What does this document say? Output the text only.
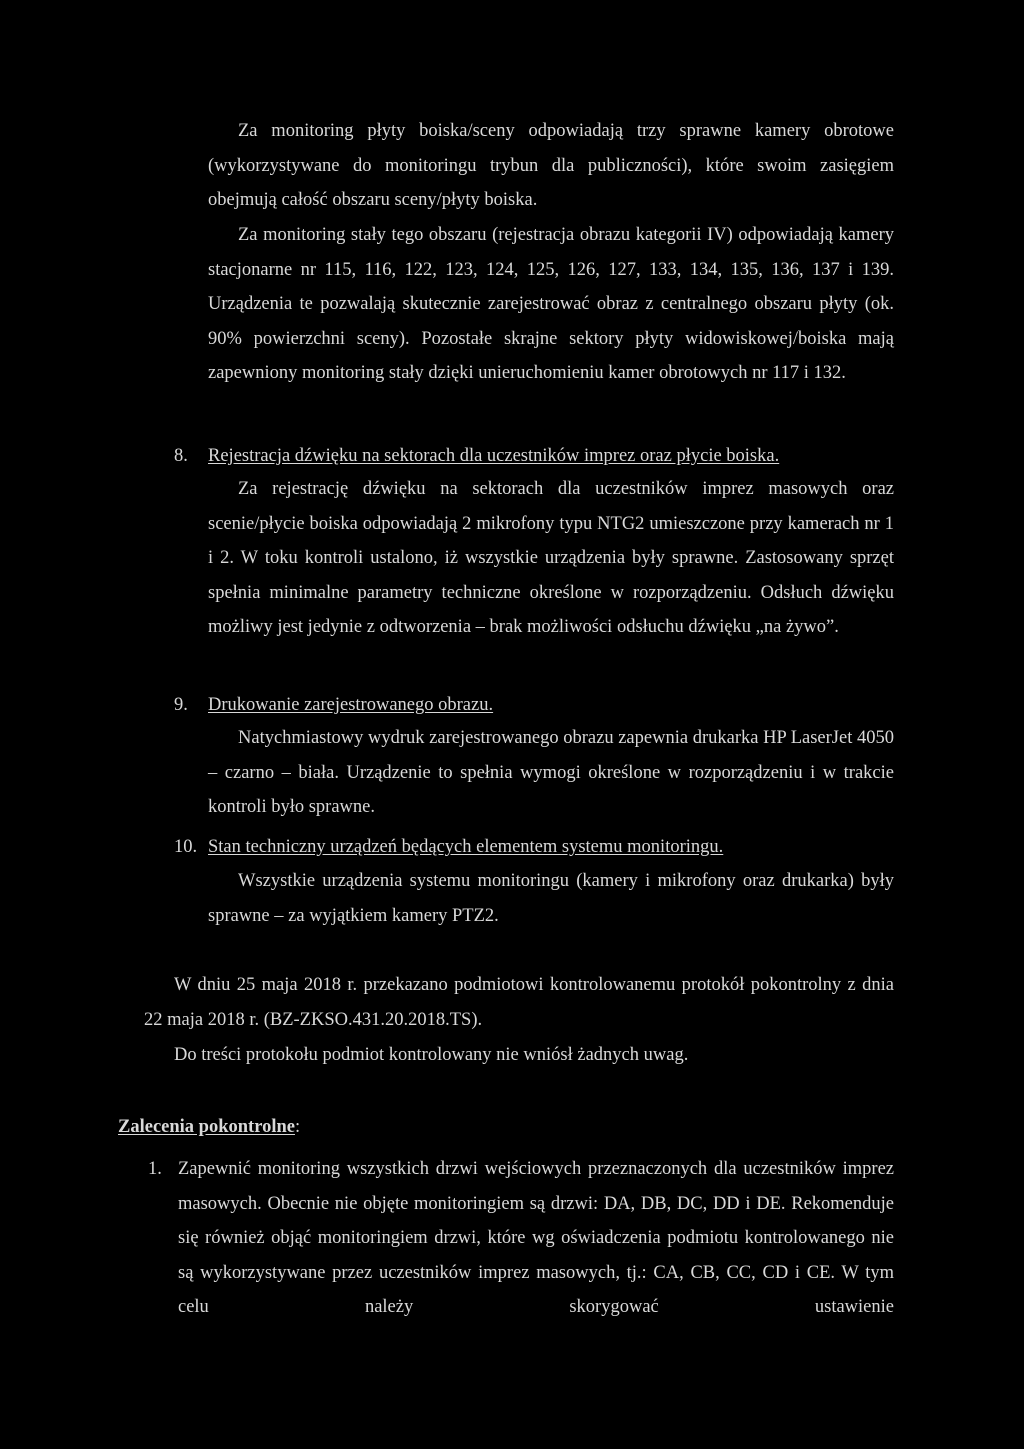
Za monitoring płyty boiska/sceny odpowiadają trzy sprawne kamery obrotowe (wykorzystywane do monitoringu trybun dla publiczności), które swoim zasięgiem obejmują całość obszaru sceny/płyty boiska.

Za monitoring stały tego obszaru (rejestracja obrazu kategorii IV) odpowiadają kamery stacjonarne nr 115, 116, 122, 123, 124, 125, 126, 127, 133, 134, 135, 136, 137 i 139. Urządzenia te pozwalają skutecznie zarejestrować obraz z centralnego obszaru płyty (ok. 90% powierzchni sceny). Pozostałe skrajne sektory płyty widowiskowej/boiska mają zapewniony monitoring stały dzięki unieruchomieniu kamer obrotowych nr 117 i 132.

8. Rejestracja dźwięku na sektorach dla uczestników imprez oraz płycie boiska.

Za rejestrację dźwięku na sektorach dla uczestników imprez masowych oraz scenie/płycie boiska odpowiadają 2 mikrofony typu NTG2 umieszczone przy kamerach nr 1 i 2. W toku kontroli ustalono, iż wszystkie urządzenia były sprawne. Zastosowany sprzęt spełnia minimalne parametry techniczne określone w rozporządzeniu. Odsłuch dźwięku możliwy jest jedynie z odtworzenia – brak możliwości odsłuchu dźwięku „na żywo”.

9. Drukowanie zarejestrowanego obrazu.

Natychmiastowy wydruk zarejestrowanego obrazu zapewnia drukarka HP LaserJet 4050 – czarno – biała. Urządzenie to spełnia wymogi określone w rozporządzeniu i w trakcie kontroli było sprawne.

10. Stan techniczny urządzeń będących elementem systemu monitoringu.

Wszystkie urządzenia systemu monitoringu (kamery i mikrofony oraz drukarka) były sprawne – za wyjątkiem kamery PTZ2.

W dniu 25 maja 2018 r. przekazano podmiotowi kontrolowanemu protokół pokontrolny z dnia 22 maja 2018 r. (BZ-ZKSO.431.20.2018.TS).

Do treści protokołu podmiot kontrolowany nie wniósł żadnych uwag.

Zalecenia pokontrolne:
1. Zapewnić monitoring wszystkich drzwi wejściowych przeznaczonych dla uczestników imprez masowych. Obecnie nie objęte monitoringiem są drzwi: DA, DB, DC, DD i DE. Rekomenduje się również objąć monitoringiem drzwi, które wg oświadczenia podmiotu kontrolowanego nie są wykorzystywane przez uczestników imprez masowych, tj.: CA, CB, CC, CD i CE. W tym celu należy skorygować ustawienie
